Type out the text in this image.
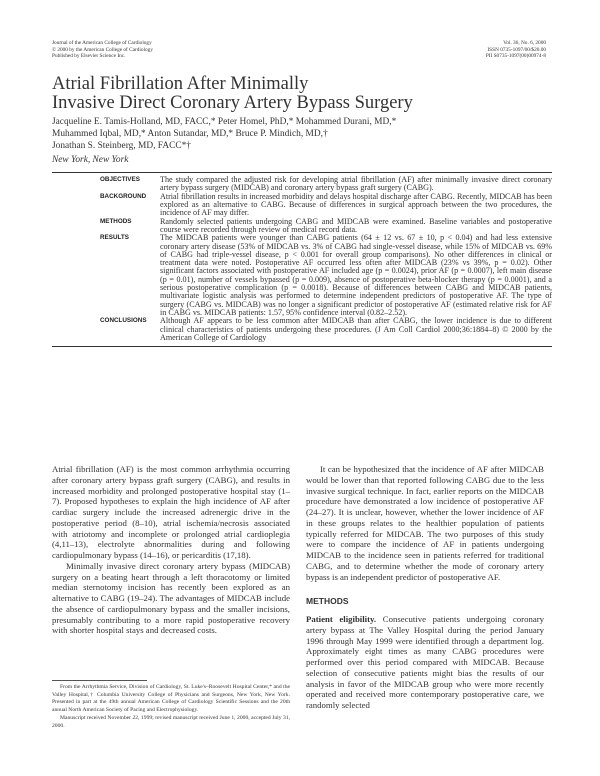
Journal of the American College of Cardiology
© 2000 by the American College of Cardiology
Published by Elsevier Science Inc.
Vol. 36, No. 6, 2000
ISSN 0735-1097/00/$20.00
PII S0735-1097(00)00974-8
Atrial Fibrillation After Minimally
Invasive Direct Coronary Artery Bypass Surgery
Jacqueline E. Tamis-Holland, MD, FACC,* Peter Homel, PhD,* Mohammed Durani, MD,*
Muhammed Iqbal, MD,* Anton Sutandar, MD,* Bruce P. Mindich, MD,†
Jonathan S. Steinberg, MD, FACC*†
New York, New York
OBJECTIVES	The study compared the adjusted risk for developing atrial fibrillation (AF) after minimally invasive direct coronary artery bypass surgery (MIDCAB) and coronary artery bypass graft surgery (CABG).
BACKGROUND	Atrial fibrillation results in increased morbidity and delays hospital discharge after CABG. Recently, MIDCAB has been explored as an alternative to CABG. Because of differences in surgical approach between the two procedures, the incidence of AF may differ.
METHODS	Randomly selected patients undergoing CABG and MIDCAB were examined. Baseline variables and postoperative course were recorded through review of medical record data.
RESULTS	The MIDCAB patients were younger than CABG patients (64 ± 12 vs. 67 ± 10, p < 0.04) and had less extensive coronary artery disease (53% of MIDCAB vs. 3% of CABG had single-vessel disease, while 15% of MIDCAB vs. 69% of CABG had triple-vessel disease, p < 0.001 for overall group comparisons). No other differences in clinical or treatment data were noted. Postoperative AF occurred less often after MIDCAB (23% vs 39%, p = 0.02). Other significant factors associated with postoperative AF included age (p = 0.0024), prior AF (p = 0.0007), left main disease (p = 0.01), number of vessels bypassed (p = 0.009), absence of postoperative beta-blocker therapy (p = 0.0001), and a serious postoperative complication (p = 0.0018). Because of differences between CABG and MIDCAB patients, multivariate logistic analysis was performed to determine independent predictors of postoperative AF. The type of surgery (CABG vs. MIDCAB) was no longer a significant predictor of postoperative AF (estimated relative risk for AF in CABG vs. MIDCAB patients: 1.57, 95% confidence interval (0.82–2.52).
CONCLUSIONS	Although AF appears to be less common after MIDCAB than after CABG, the lower incidence is due to different clinical characteristics of patients undergoing these procedures. (J Am Coll Cardiol 2000;36:1884–8) © 2000 by the American College of Cardiology

Atrial fibrillation (AF) is the most common arrhythmia occurring after coronary artery bypass graft surgery (CABG), and results in increased morbidity and prolonged postoperative hospital stay (1–7). Proposed hypotheses to explain the high incidence of AF after cardiac surgery include the increased adrenergic drive in the postoperative period (8–10), atrial ischemia/necrosis associated with atriotomy and incomplete or prolonged atrial cardioplegia (4,11–13), electrolyte abnormalities during and following cardiopulmonary bypass (14–16), or pericarditis (17,18).

Minimally invasive direct coronary artery bypass (MIDCAB) surgery on a beating heart through a left thoracotomy or limited median sternotomy incision has recently been explored as an alternative to CABG (19–24). The advantages of MIDCAB include the absence of cardiopulmonary bypass and the smaller incisions, presumably contributing to a more rapid postoperative recovery with shorter hospital stays and decreased costs.

It can be hypothesized that the incidence of AF after MIDCAB would be lower than that reported following CABG due to the less invasive surgical technique. In fact, earlier reports on the MIDCAB procedure have demonstrated a low incidence of postoperative AF (24–27). It is unclear, however, whether the lower incidence of AF in these groups relates to the healthier population of patients typically referred for MIDCAB. The two purposes of this study were to compare the incidence of AF in patients undergoing MIDCAB to the incidence seen in patients referred for traditional CABG, and to determine whether the mode of coronary artery bypass is an independent predictor of postoperative AF.

METHODS

Patient eligibility. Consecutive patients undergoing coronary artery bypass at The Valley Hospital during the period January 1996 through May 1999 were identified through a department log. Approximately eight times as many CABG procedures were performed over this period compared with MIDCAB. Because selection of consecutive patients might bias the results of our analysis in favor of the MIDCAB group who were more recently operated and received more contemporary postoperative care, we randomly selected

From the Arrhythmia Service, Division of Cardiology, St. Luke's–Roosevelt Hospital Center,* and the Valley Hospital,† Columbia University College of Physicians and Surgeons, New York, New York. Presented in part at the 49th annual American College of Cardiology Scientific Sessions and the 20th annual North American Society of Pacing and Electrophysiology.

Manuscript received November 22, 1999; revised manuscript received June 1, 2000, accepted July 31, 2000.
